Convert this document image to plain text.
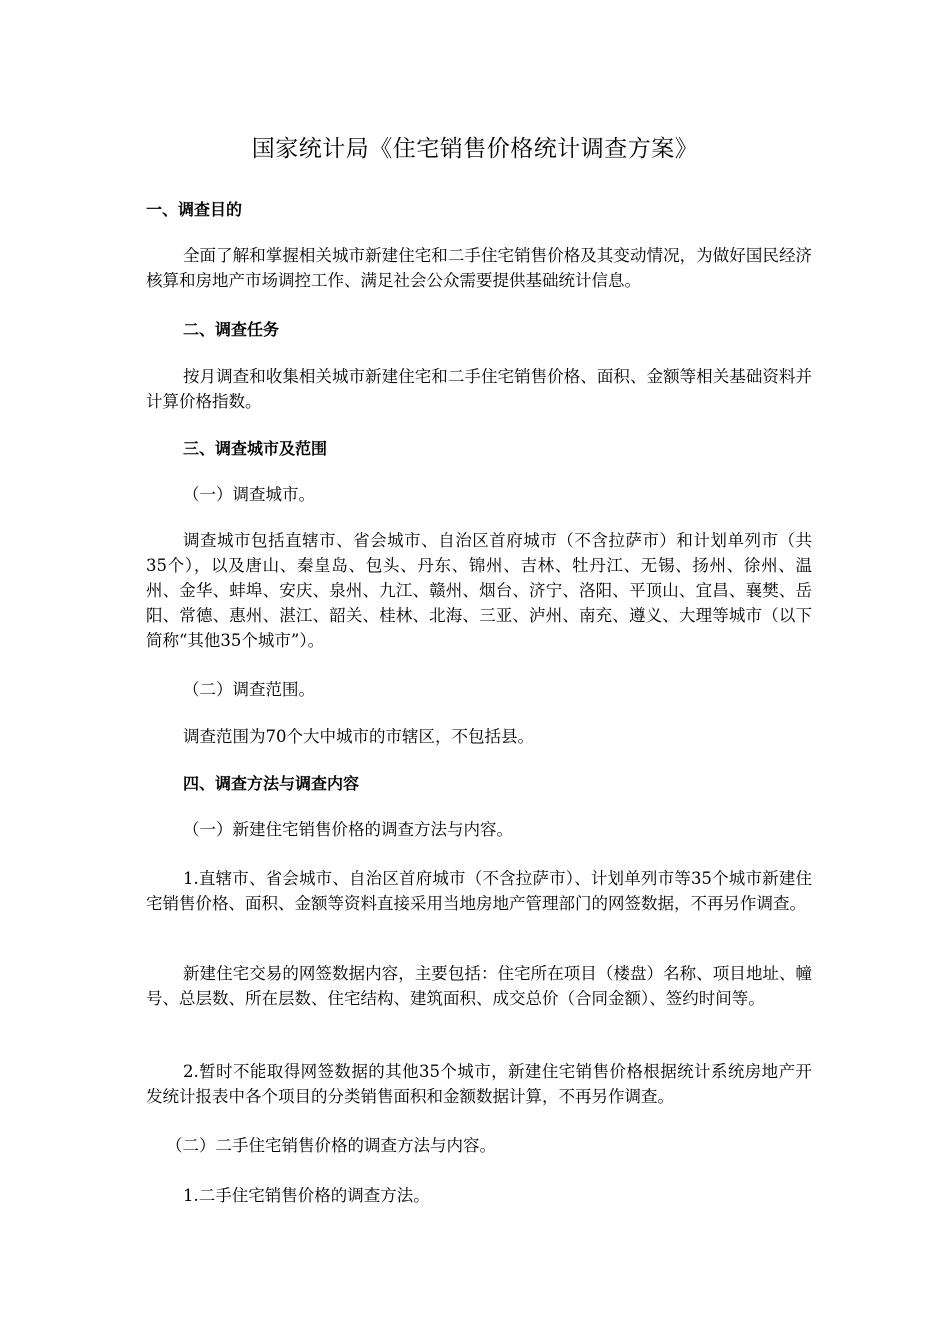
国家统计局《住宅销售价格统计调查方案》
一、调查目的
全面了解和掌握相关城市新建住宅和二手住宅销售价格及其变动情况，为做好国民经济核算和房地产市场调控工作、满足社会公众需要提供基础统计信息。
二、调查任务
按月调查和收集相关城市新建住宅和二手住宅销售价格、面积、金额等相关基础资料并计算价格指数。
三、调查城市及范围
（一）调查城市。
调查城市包括直辖市、省会城市、自治区首府城市（不含拉萨市）和计划单列市（共35个），以及唐山、秦皇岛、包头、丹东、锦州、吉林、牡丹江、无锡、扬州、徐州、温州、金华、蚌埠、安庆、泉州、九江、赣州、烟台、济宁、洛阳、平顶山、宜昌、襄樊、岳阳、常德、惠州、湛江、韶关、桂林、北海、三亚、泸州、南充、遵义、大理等城市（以下简称“其他35个城市”）。
（二）调查范围。
调查范围为70个大中城市的市辖区，不包括县。
四、调查方法与调查内容
（一）新建住宅销售价格的调查方法与内容。
1.直辖市、省会城市、自治区首府城市（不含拉萨市）、计划单列市等35个城市新建住宅销售价格、面积、金额等资料直接采用当地房地产管理部门的网签数据，不再另作调查。
新建住宅交易的网签数据内容，主要包括：住宅所在项目（楼盘）名称、项目地址、幢号、总层数、所在层数、住宅结构、建筑面积、成交总价（合同金额）、签约时间等。
2.暂时不能取得网签数据的其他35个城市，新建住宅销售价格根据统计系统房地产开发统计报表中各个项目的分类销售面积和金额数据计算，不再另作调查。
（二）二手住宅销售价格的调查方法与内容。
1.二手住宅销售价格的调查方法。
